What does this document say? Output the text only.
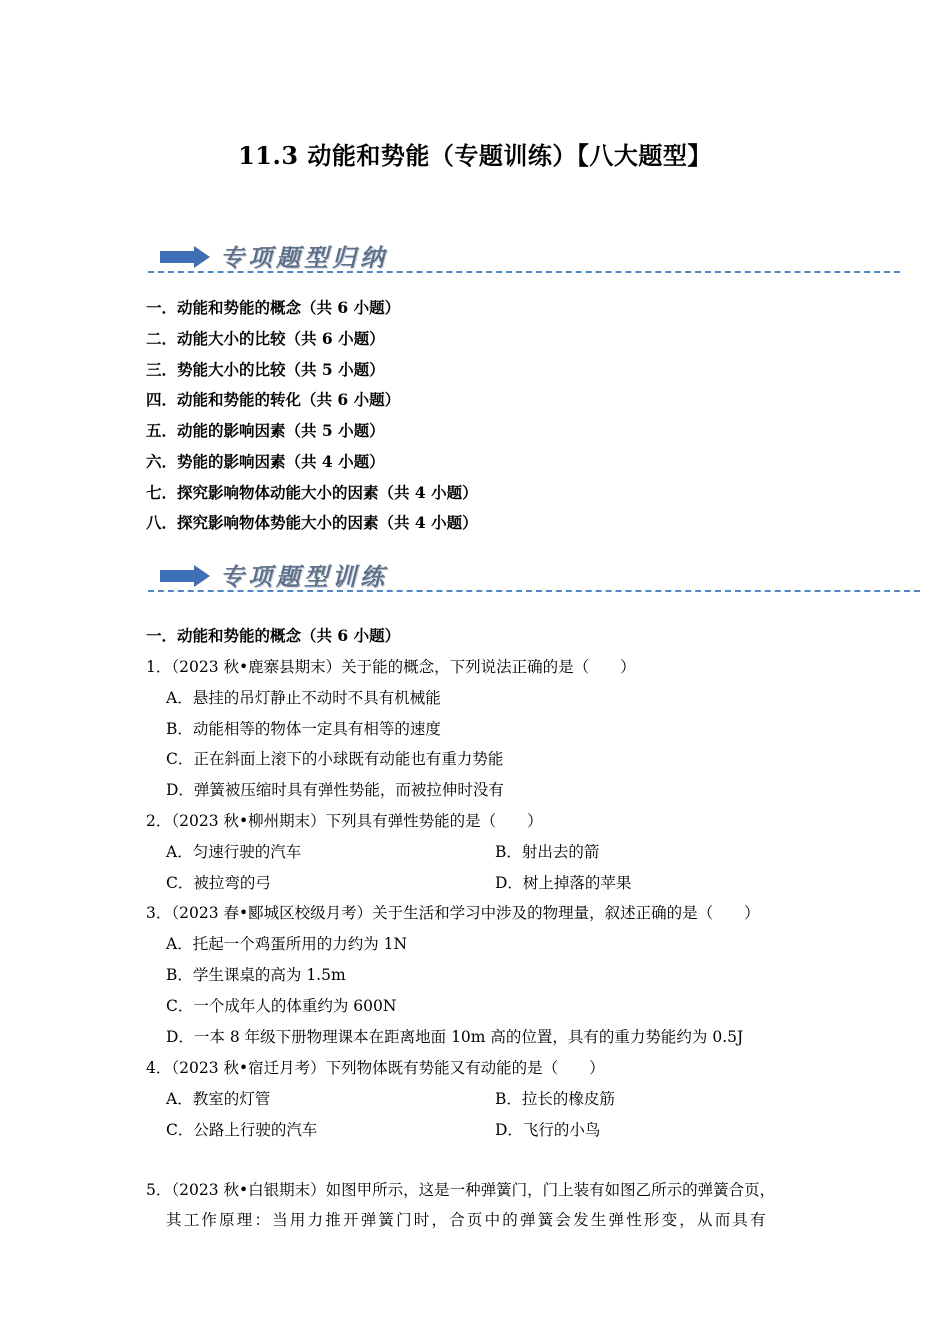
11.3 动能和势能（专题训练）【八大题型】
专项题型归纳
一．动能和势能的概念（共 6 小题）
二．动能大小的比较（共 6 小题）
三．势能大小的比较（共 5 小题）
四．动能和势能的转化（共 6 小题）
五．动能的影响因素（共 5 小题）
六．势能的影响因素（共 4 小题）
七．探究影响物体动能大小的因素（共 4 小题）
八．探究影响物体势能大小的因素（共 4 小题）
专项题型训练
一．动能和势能的概念（共 6 小题）
1．（2023 秋•鹿寨县期末）关于能的概念，下列说法正确的是（　　）
A．悬挂的吊灯静止不动时不具有机械能
B．动能相等的物体一定具有相等的速度
C．正在斜面上滚下的小球既有动能也有重力势能
D．弹簧被压缩时具有弹性势能，而被拉伸时没有
2．（2023 秋•柳州期末）下列具有弹性势能的是（　　）
A．匀速行驶的汽车	B．射出去的箭
C．被拉弯的弓	D．树上掉落的苹果
3．（2023 春•郾城区校级月考）关于生活和学习中涉及的物理量，叙述正确的是（　　）
A．托起一个鸡蛋所用的力约为 1N
B．学生课桌的高为 1.5m
C．一个成年人的体重约为 600N
D．一本 8 年级下册物理课本在距离地面 10m 高的位置，具有的重力势能约为 0.5J
4．（2023 秋•宿迁月考）下列物体既有势能又有动能的是（　　）
A．教室的灯管	B．拉长的橡皮筋
C．公路上行驶的汽车	D．飞行的小鸟
5．（2023 秋•白银期末）如图甲所示，这是一种弹簧门，门上装有如图乙所示的弹簧合页，
其工作原理：当用力推开弹簧门时，合页中的弹簧会发生弹性形变，从而具有
